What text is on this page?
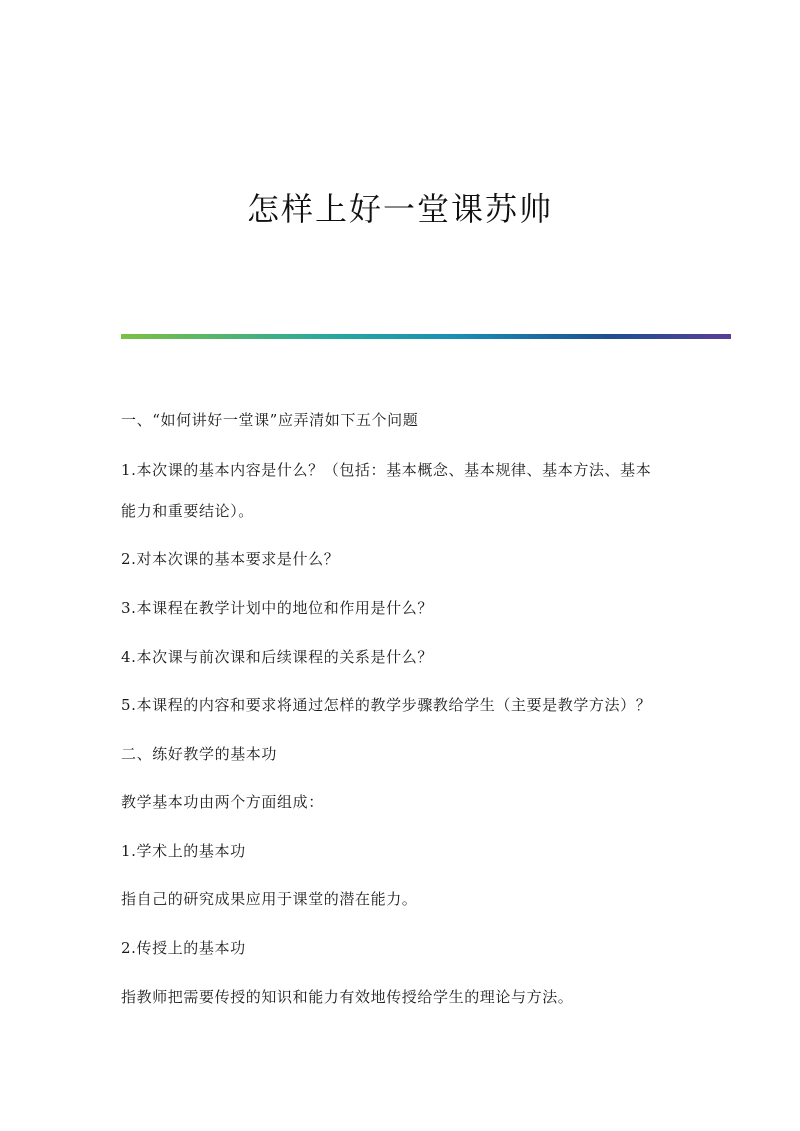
怎样上好一堂课苏帅

一、“如何讲好一堂课”应弄清如下五个问题

1.本次课的基本内容是什么？（包括：基本概念、基本规律、基本方法、基本

能力和重要结论）。

2.对本次课的基本要求是什么？

3.本课程在教学计划中的地位和作用是什么？

4.本次课与前次课和后续课程的关系是什么？

5.本课程的内容和要求将通过怎样的教学步骤教给学生（主要是教学方法）？

二、练好教学的基本功

教学基本功由两个方面组成：

1.学术上的基本功

指自己的研究成果应用于课堂的潜在能力。

2.传授上的基本功

指教师把需要传授的知识和能力有效地传授给学生的理论与方法。
